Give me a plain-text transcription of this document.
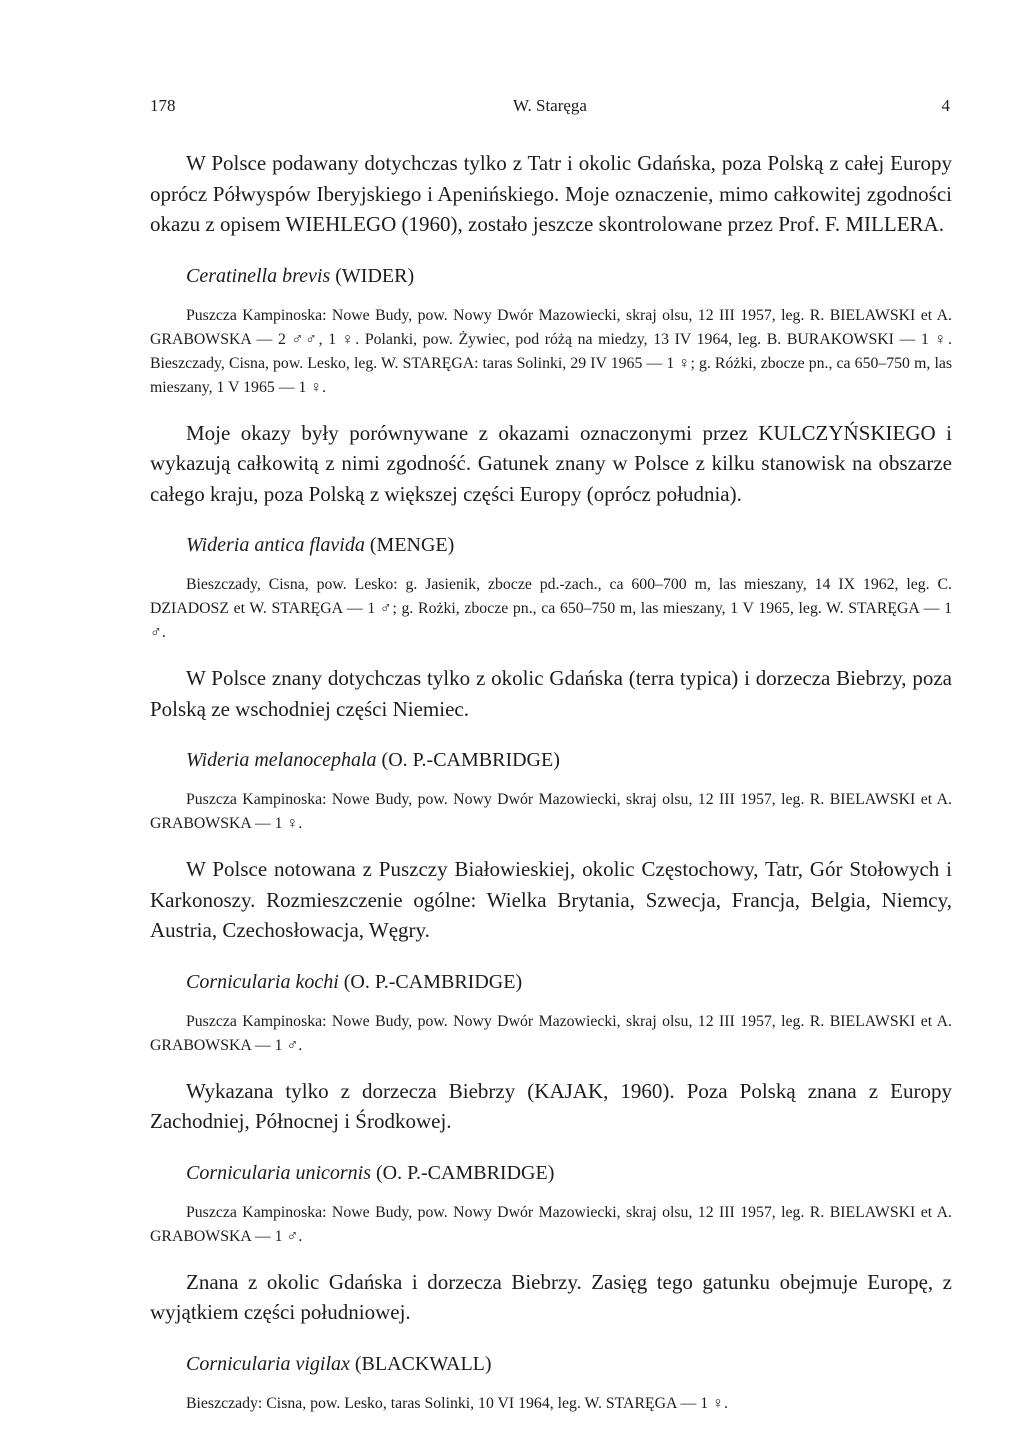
178	W. Staręga	4

W Polsce podawany dotychczas tylko z Tatr i okolic Gdańska, poza Polską z całej Europy oprócz Półwyspów Iberyjskiego i Apenińskiego. Moje oznaczenie, mimo całkowitej zgodności okazu z opisem WIEHLEGO (1960), zostało jeszcze skontrolowane przez Prof. F. MILLERA.

Ceratinella brevis (WIDER)

Puszcza Kampinoska: Nowe Budy, pow. Nowy Dwór Mazowiecki, skraj olsu, 12 III 1957, leg. R. BIELAWSKI et A. GRABOWSKA — 2 ♂♂, 1 ♀. Polanki, pow. Żywiec, pod różą na miedzy, 13 IV 1964, leg. B. BURAKOWSKI — 1 ♀. Bieszczady, Cisna, pow. Lesko, leg. W. STARĘGA: taras Solinki, 29 IV 1965 — 1 ♀; g. Różki, zbocze pn., ca 650–750 m, las mieszany, 1 V 1965 — 1 ♀.

Moje okazy były porównywane z okazami oznaczonymi przez KULCZYŃSKIEGO i wykazują całkowitą z nimi zgodność. Gatunek znany w Polsce z kilku stanowisk na obszarze całego kraju, poza Polską z większej części Europy (oprócz południa).

Wideria antica flavida (MENGE)

Bieszczady, Cisna, pow. Lesko: g. Jasienik, zbocze pd.-zach., ca 600–700 m, las mieszany, 14 IX 1962, leg. C. DZIADOSZ et W. STARĘGA — 1 ♂; g. Rożki, zbocze pn., ca 650–750 m, las mieszany, 1 V 1965, leg. W. STARĘGA — 1 ♂.

W Polsce znany dotychczas tylko z okolic Gdańska (terra typica) i dorzecza Biebrzy, poza Polską ze wschodniej części Niemiec.

Wideria melanocephala (O. P.-CAMBRIDGE)

Puszcza Kampinoska: Nowe Budy, pow. Nowy Dwór Mazowiecki, skraj olsu, 12 III 1957, leg. R. BIELAWSKI et A. GRABOWSKA — 1 ♀.

W Polsce notowana z Puszczy Białowieskiej, okolic Częstochowy, Tatr, Gór Stołowych i Karkonoszy. Rozmieszczenie ogólne: Wielka Brytania, Szwecja, Francja, Belgia, Niemcy, Austria, Czechosłowacja, Węgry.

Cornicularia kochi (O. P.-CAMBRIDGE)

Puszcza Kampinoska: Nowe Budy, pow. Nowy Dwór Mazowiecki, skraj olsu, 12 III 1957, leg. R. BIELAWSKI et A. GRABOWSKA — 1 ♂.

Wykazana tylko z dorzecza Biebrzy (KAJAK, 1960). Poza Polską znana z Europy Zachodniej, Północnej i Środkowej.

Cornicularia unicornis (O. P.-CAMBRIDGE)

Puszcza Kampinoska: Nowe Budy, pow. Nowy Dwór Mazowiecki, skraj olsu, 12 III 1957, leg. R. BIELAWSKI et A. GRABOWSKA — 1 ♂.

Znana z okolic Gdańska i dorzecza Biebrzy. Zasięg tego gatunku obejmuje Europę, z wyjątkiem części południowej.

Cornicularia vigilax (BLACKWALL)

Bieszczady: Cisna, pow. Lesko, taras Solinki, 10 VI 1964, leg. W. STARĘGA — 1 ♀.
